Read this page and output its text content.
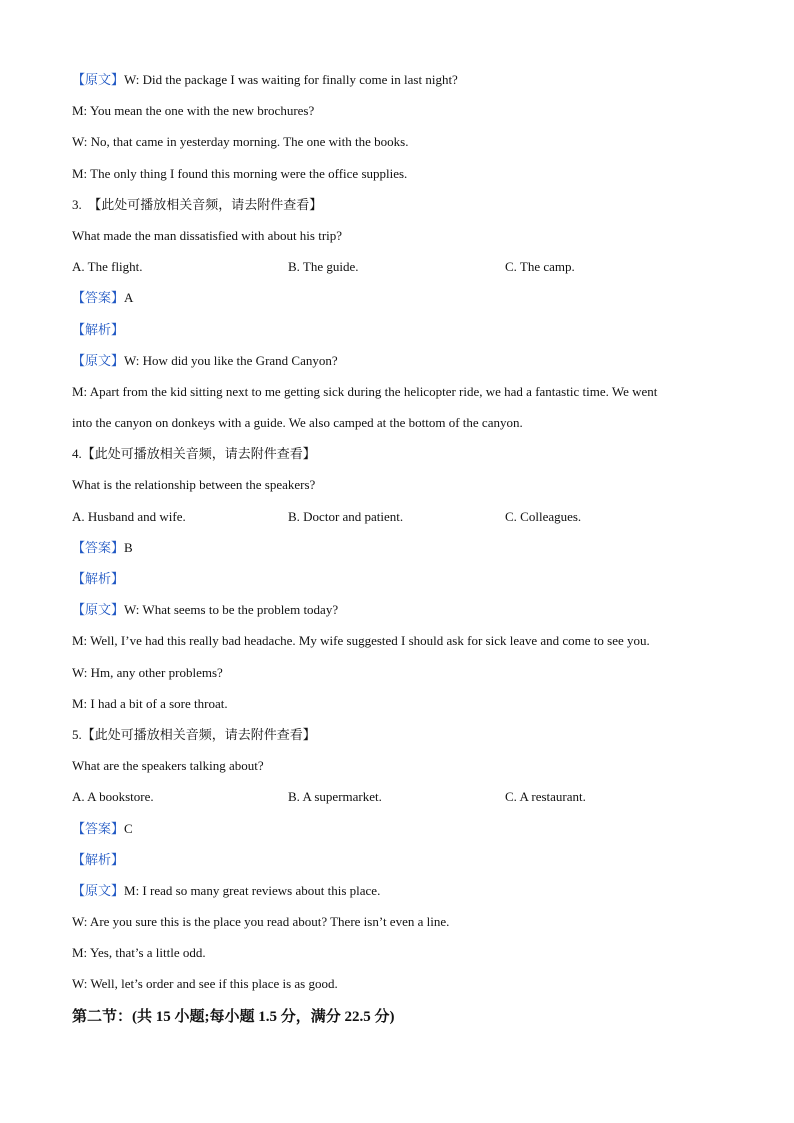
【原文】W: Did the package I was waiting for finally come in last night?
M: You mean the one with the new brochures?
W: No, that came in yesterday morning. The one with the books.
M: The only thing I found this morning were the office supplies.
3. 【此处可播放相关音频，请去附件查看】
What made the man dissatisfied with about his trip?
A. The flight.	B. The guide.	C. The camp.
【答案】A
【解析】
【原文】W: How did you like the Grand Canyon?
M: Apart from the kid sitting next to me getting sick during the helicopter ride, we had a fantastic time. We went
into the canyon on donkeys with a guide. We also camped at the bottom of the canyon.
4.【此处可播放相关音频，请去附件查看】
What is the relationship between the speakers?
A. Husband and wife.	B. Doctor and patient.	C. Colleagues.
【答案】B
【解析】
【原文】W: What seems to be the problem today?
M: Well, I’ve had this really bad headache. My wife suggested I should ask for sick leave and come to see you.
W: Hm, any other problems?
M: I had a bit of a sore throat.
5.【此处可播放相关音频，请去附件查看】
What are the speakers talking about?
A. A bookstore.	B. A supermarket.	C. A restaurant.
【答案】C
【解析】
【原文】M: I read so many great reviews about this place.
W: Are you sure this is the place you read about? There isn’t even a line.
M: Yes, that’s a little odd.
W: Well, let’s order and see if this place is as good.
第二节：(共 15 小题;每小题 1.5 分，满分 22.5 分)
